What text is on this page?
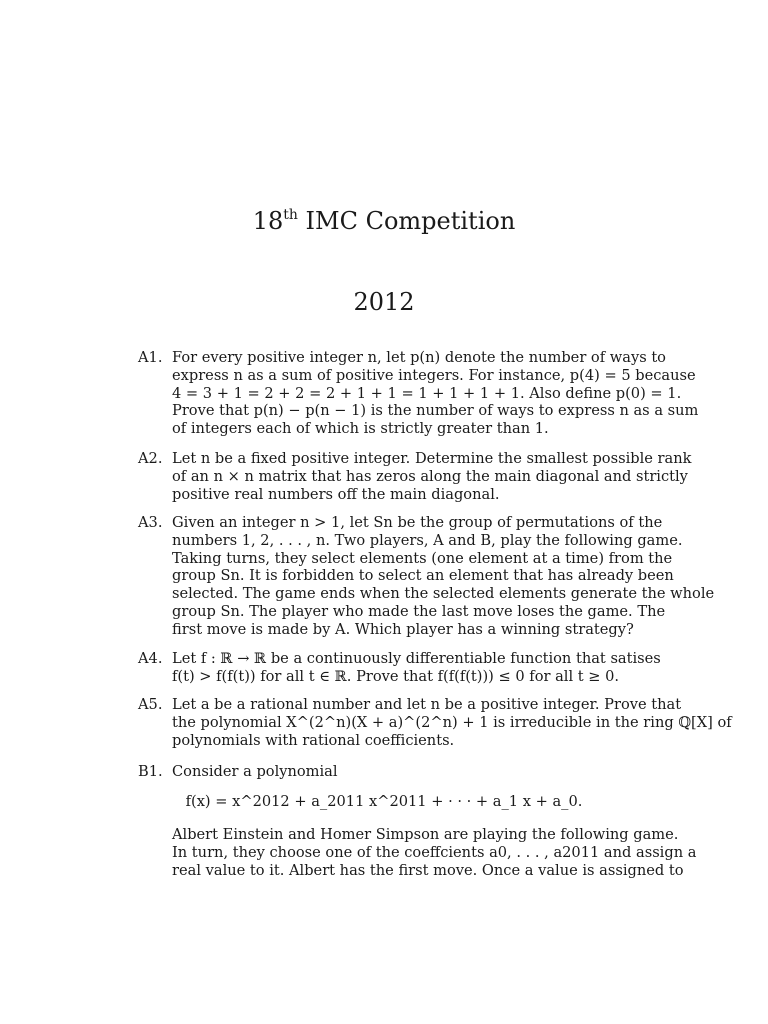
18th IMC Competition
2012
A1. For every positive integer n, let p(n) denote the number of ways to
express n as a sum of positive integers. For instance, p(4) = 5 because
4 = 3 + 1 = 2 + 2 = 2 + 1 + 1 = 1 + 1 + 1 + 1. Also define p(0) = 1.
Prove that p(n) − p(n − 1) is the number of ways to express n as a sum
of integers each of which is strictly greater than 1.
A2. Let n be a fixed positive integer. Determine the smallest possible rank
of an n × n matrix that has zeros along the main diagonal and strictly
positive real numbers off the main diagonal.
A3. Given an integer n > 1, let Sn be the group of permutations of the
numbers 1, 2, . . . , n. Two players, A and B, play the following game.
Taking turns, they select elements (one element at a time) from the
group Sn. It is forbidden to select an element that has already been
selected. The game ends when the selected elements generate the whole
group Sn. The player who made the last move loses the game. The
first move is made by A. Which player has a winning strategy?
A4. Let f : ℝ → ℝ be a continuously differentiable function that satises
f(t) > f(f(t)) for all t ∈ ℝ. Prove that f(f(f(t))) ≤ 0 for all t ≥ 0.
A5. Let a be a rational number and let n be a positive integer. Prove that
the polynomial X^(2^n)(X + a)^(2^n) + 1 is irreducible in the ring ℚ[X] of
polynomials with rational coefficients.
B1. Consider a polynomial
f(x) = x^2012 + a_2011 x^2011 + · · · + a_1 x + a_0.
Albert Einstein and Homer Simpson are playing the following game.
In turn, they choose one of the coeffcients a0, . . . , a2011 and assign a
real value to it. Albert has the first move. Once a value is assigned to
